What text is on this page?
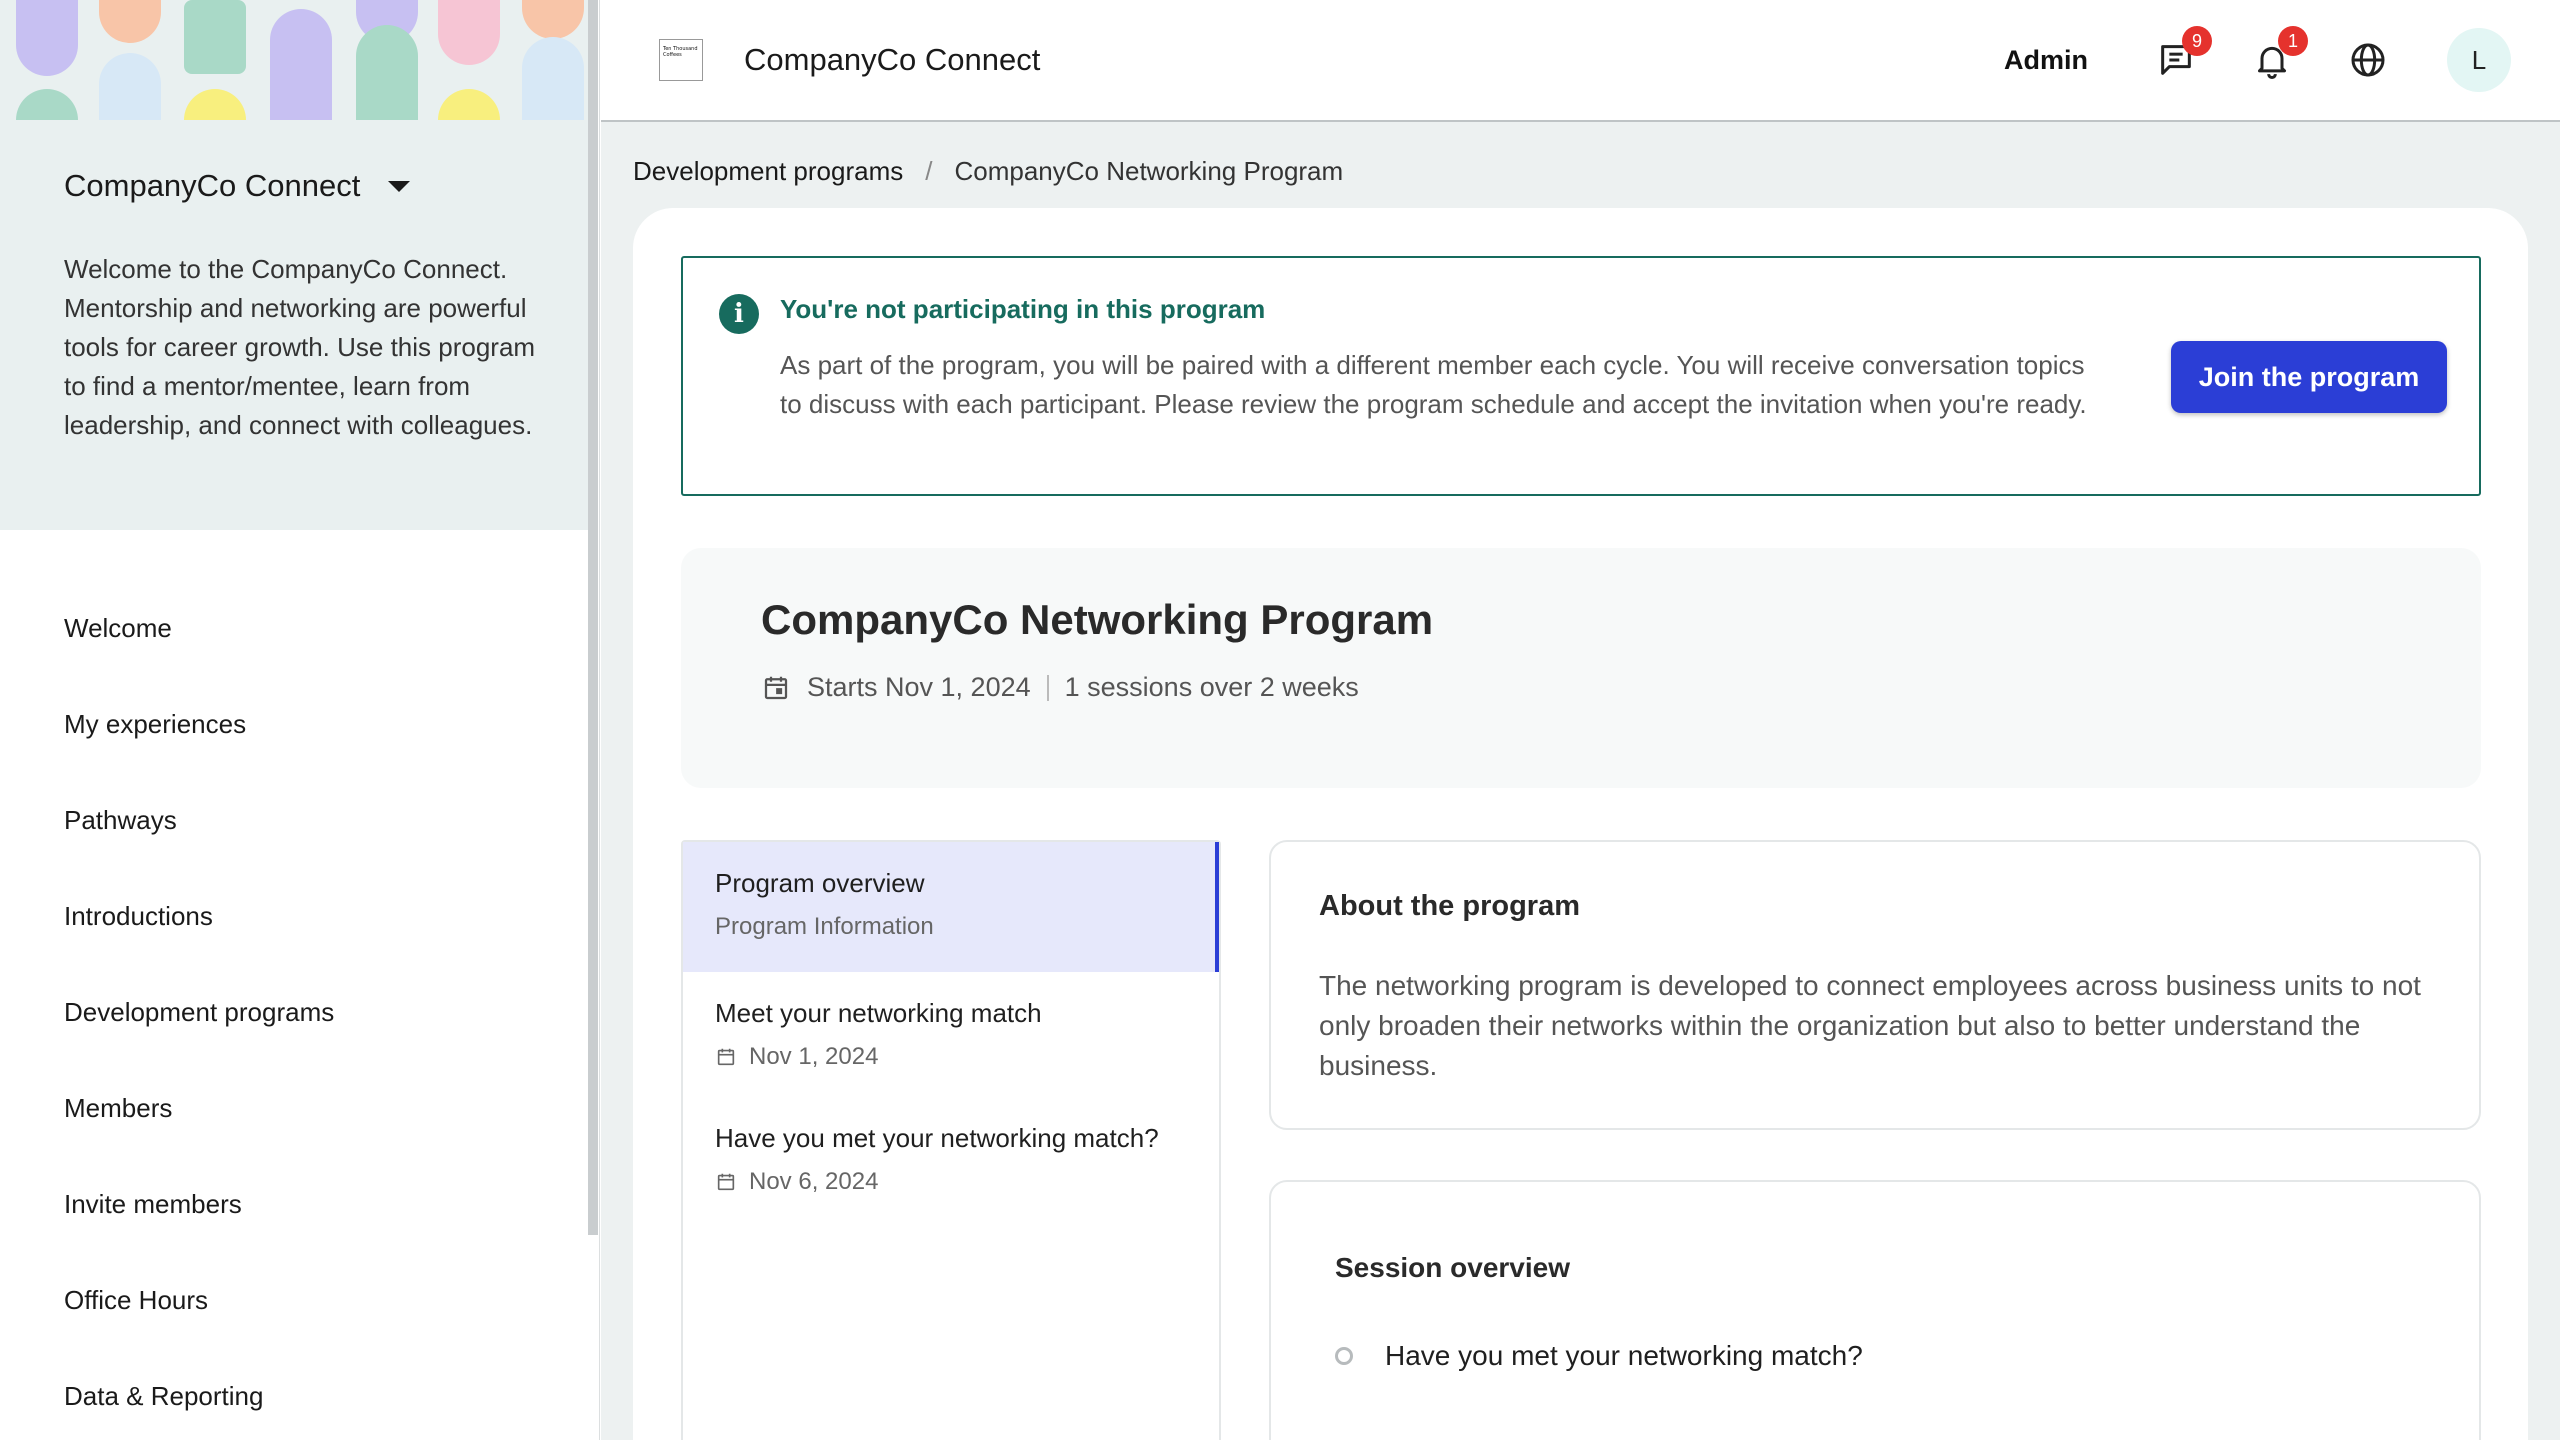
CompanyCo Connect

Welcome to the CompanyCo Connect. Mentorship and networking are powerful tools for career growth. Use this program to find a mentor/mentee, learn from leadership, and connect with colleagues.

Welcome
My experiences
Pathways
Introductions
Development programs
Members
Invite members
Office Hours
Data & Reporting
Ten Thousand Coffees	CompanyCo Connect	Admin
9	1
L
Development programs / CompanyCo Networking Program
i	You're not participating in this program

As part of the program, you will be paired with a different member each cycle. You will receive conversation topics to discuss with each participant. Please review the program schedule and accept the invitation when you're ready.

Join the program
CompanyCo Networking Program
Starts Nov 1, 2024 1 sessions over 2 weeks
Program overview
Program Information
Meet your networking match
Nov 1, 2024
Have you met your networking match?
Nov 6, 2024
About the program

The networking program is developed to connect employees across business units to not only broaden their networks within the organization but also to better understand the business.

Session overview
Have you met your networking match?
